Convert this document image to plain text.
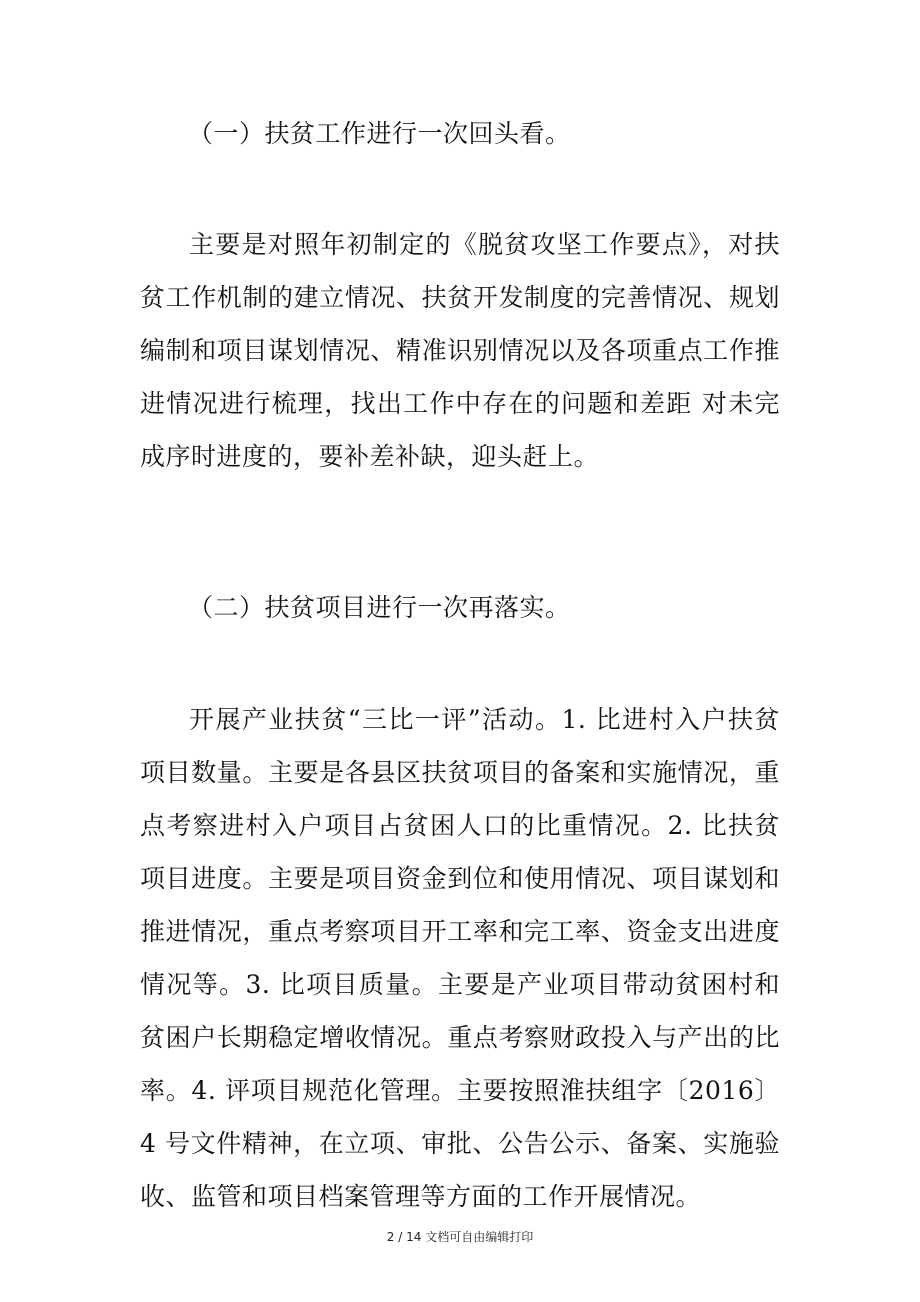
（一）扶贫工作进行一次回头看。
主要是对照年初制定的《脱贫攻坚工作要点》，对扶贫工作机制的建立情况、扶贫开发制度的完善情况、规划编制和项目谋划情况、精准识别情况以及各项重点工作推进情况进行梳理，找出工作中存在的问题和差距 对未完成序时进度的，要补差补缺，迎头赶上。
（二）扶贫项目进行一次再落实。
开展产业扶贫“三比一评”活动。1. 比进村入户扶贫项目数量。主要是各县区扶贫项目的备案和实施情况，重点考察进村入户项目占贫困人口的比重情况。2. 比扶贫项目进度。主要是项目资金到位和使用情况、项目谋划和推进情况，重点考察项目开工率和完工率、资金支出进度情况等。3. 比项目质量。主要是产业项目带动贫困村和贫困户长期稳定增收情况。重点考察财政投入与产出的比率。4. 评项目规范化管理。主要按照淮扶组字〔2016〕4 号文件精神，在立项、审批、公告公示、备案、实施验收、监管和项目档案管理等方面的工作开展情况。
2 / 14 文档可自由编辑打印
